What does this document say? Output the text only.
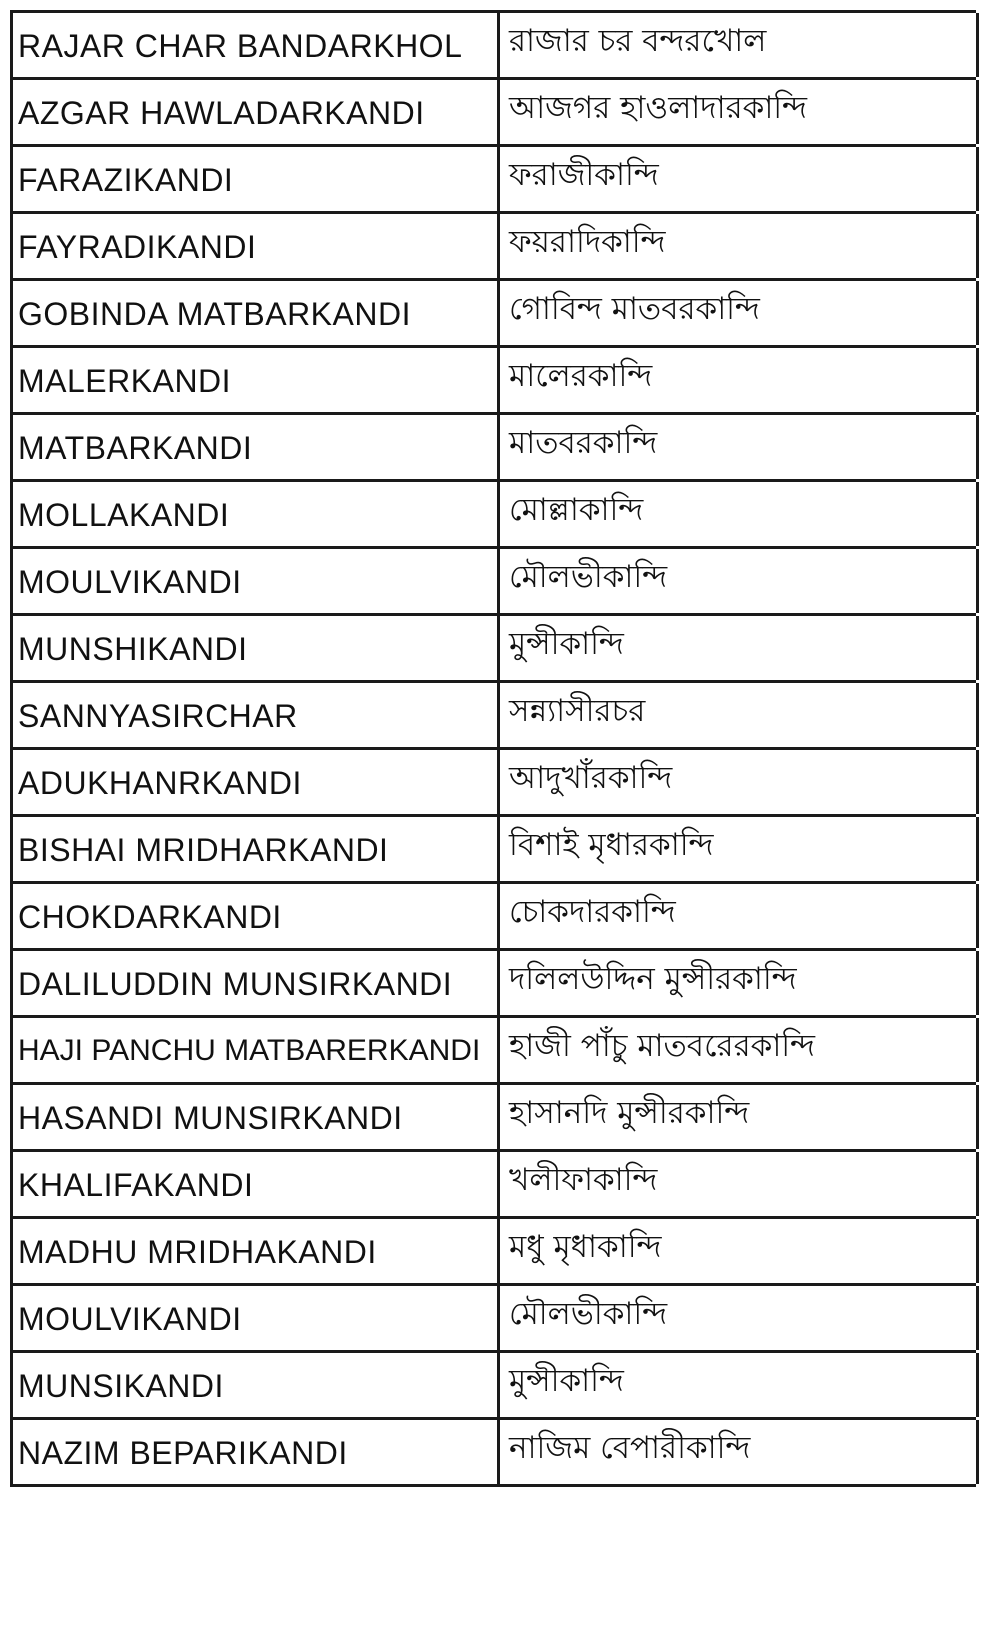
RAJAR CHAR BANDARKHOL	রাজার চর বন্দরখোল
AZGAR HAWLADARKANDI	আজগর হাওলাদারকান্দি
FARAZIKANDI	ফরাজীকান্দি
FAYRADIKANDI	ফয়রাদিকান্দি
GOBINDA MATBARKANDI	গোবিন্দ মাতবরকান্দি
MALERKANDI	মালেরকান্দি
MATBARKANDI	মাতবরকান্দি
MOLLAKANDI	মোল্লাকান্দি
MOULVIKANDI	মৌলভীকান্দি
MUNSHIKANDI	মুন্সীকান্দি
SANNYASIRCHAR	সন্ন্যাসীরচর
ADUKHANRKANDI	আদুখাঁরকান্দি
BISHAI MRIDHARKANDI	বিশাই মৃধারকান্দি
CHOKDARKANDI	চোকদারকান্দি
DALILUDDIN MUNSIRKANDI	দলিলউদ্দিন মুন্সীরকান্দি
HAJI PANCHU MATBARERKANDI হাজী পাঁচু মাতবরেরকান্দি
HASANDI MUNSIRKANDI	হাসানদি মুন্সীরকান্দি
KHALIFAKANDI	খলীফাকান্দি
MADHU MRIDHAKANDI	মধু মৃধাকান্দি
MOULVIKANDI	মৌলভীকান্দি
MUNSIKANDI	মুন্সীকান্দি
NAZIM BEPARIKANDI	নাজিম বেপারীকান্দি
